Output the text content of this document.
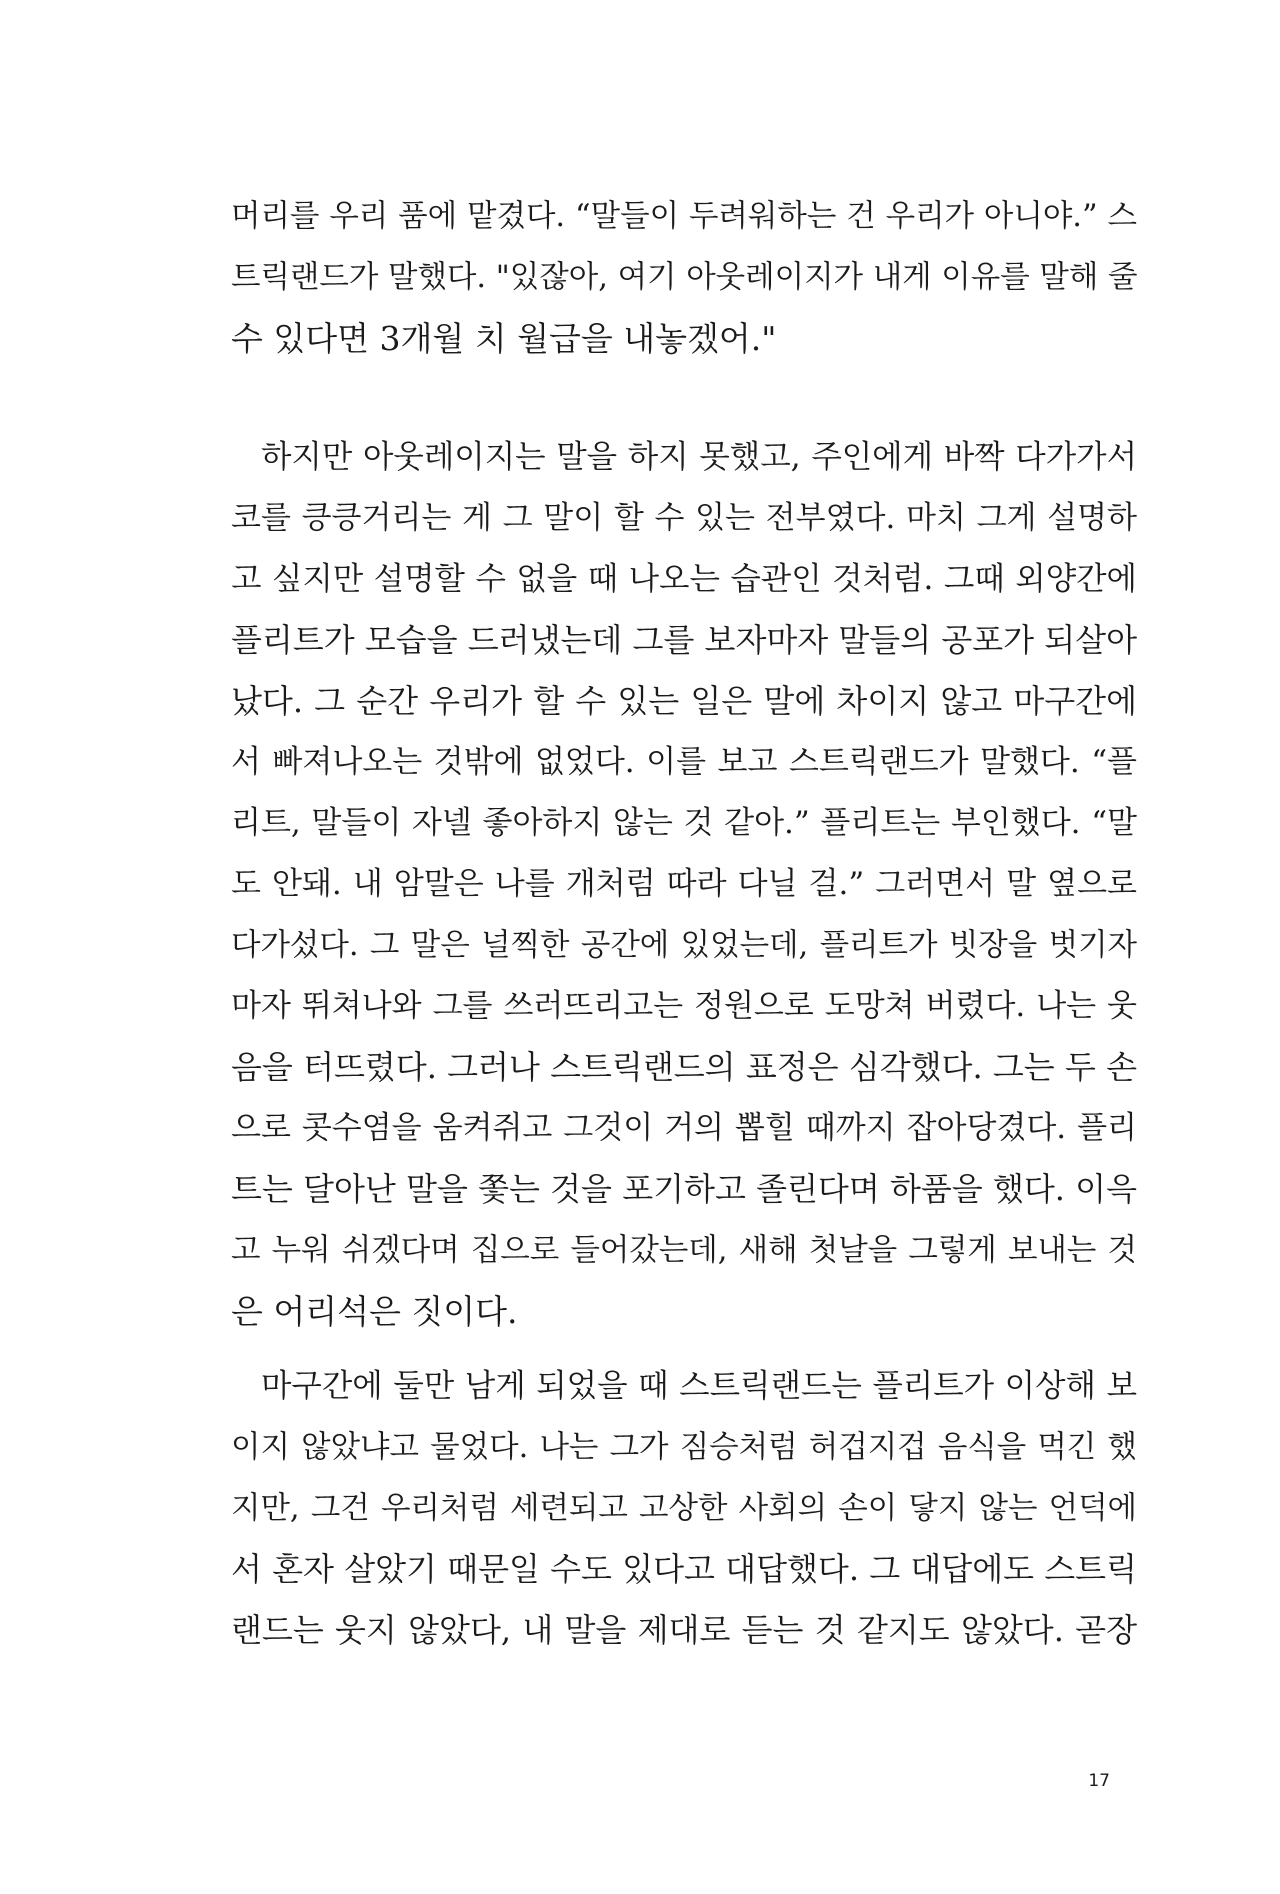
머리를 우리 품에 맡겼다. “말들이 두려워하는 건 우리가 아니야.” 스
트릭랜드가 말했다. "있잖아, 여기 아웃레이지가 내게 이유를 말해 줄
수 있다면 3개월 치 월급을 내놓겠어."
하지만 아웃레이지는 말을 하지 못했고, 주인에게 바짝 다가가서
코를 킁킁거리는 게 그 말이 할 수 있는 전부였다. 마치 그게 설명하
고 싶지만 설명할 수 없을 때 나오는 습관인 것처럼. 그때 외양간에
플리트가 모습을 드러냈는데 그를 보자마자 말들의 공포가 되살아
났다. 그 순간 우리가 할 수 있는 일은 말에 차이지 않고 마구간에
서 빠져나오는 것밖에 없었다. 이를 보고 스트릭랜드가 말했다. “플
리트, 말들이 자넬 좋아하지 않는 것 같아.” 플리트는 부인했다. “말
도 안돼. 내 암말은 나를 개처럼 따라 다닐 걸.” 그러면서 말 옆으로
다가섰다. 그 말은 널찍한 공간에 있었는데, 플리트가 빗장을 벗기자
마자 뛰쳐나와 그를 쓰러뜨리고는 정원으로 도망쳐 버렸다. 나는 웃
음을 터뜨렸다. 그러나 스트릭랜드의 표정은 심각했다. 그는 두 손
으로 콧수염을 움켜쥐고 그것이 거의 뽑힐 때까지 잡아당겼다. 플리
트는 달아난 말을 쫓는 것을 포기하고 졸린다며 하품을 했다. 이윽
고 누워 쉬겠다며 집으로 들어갔는데, 새해 첫날을 그렇게 보내는 것
은 어리석은 짓이다.
마구간에 둘만 남게 되었을 때 스트릭랜드는 플리트가 이상해 보
이지 않았냐고 물었다. 나는 그가 짐승처럼 허겁지겁 음식을 먹긴 했
지만, 그건 우리처럼 세련되고 고상한 사회의 손이 닿지 않는 언덕에
서 혼자 살았기 때문일 수도 있다고 대답했다. 그 대답에도 스트릭
랜드는 웃지 않았다, 내 말을 제대로 듣는 것 같지도 않았다. 곧장
17
